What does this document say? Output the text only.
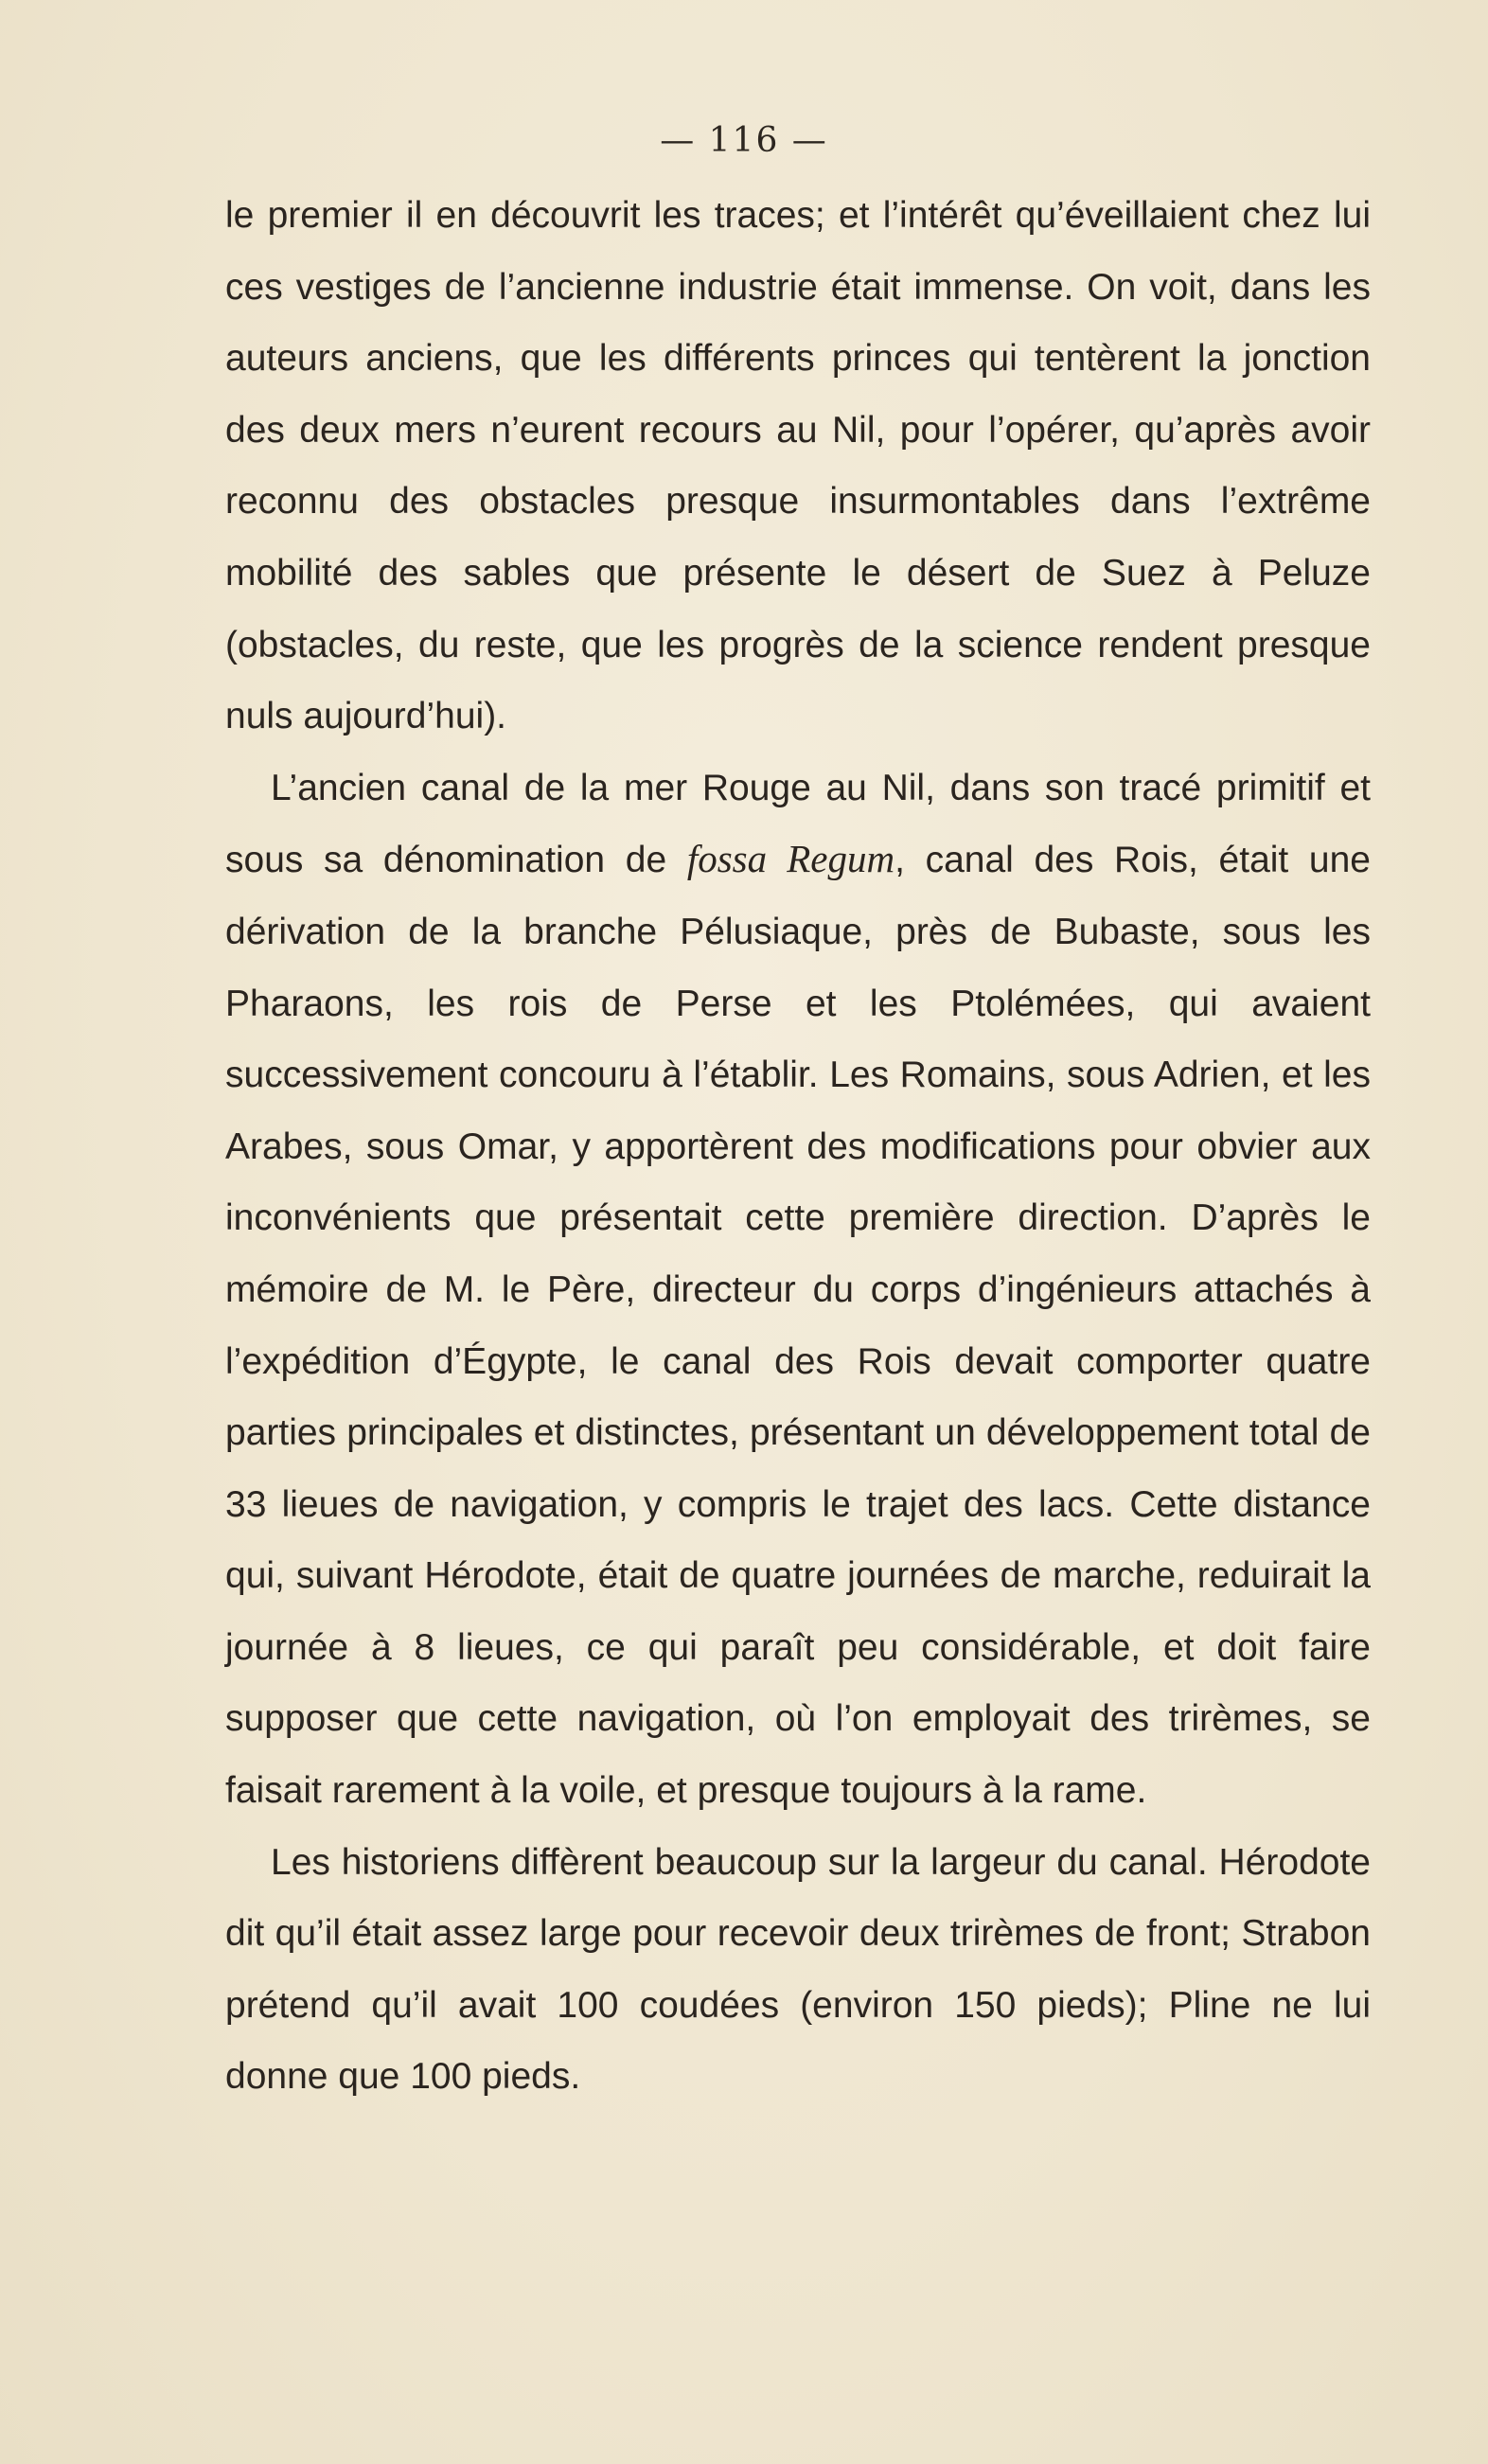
— 116 —

le premier il en découvrit les traces; et l’intérêt qu’éveillaient chez lui ces vestiges de l’ancienne industrie était immense. On voit, dans les auteurs anciens, que les différents princes qui tentèrent la jonction des deux mers n’eurent recours au Nil, pour l’opérer, qu’après avoir reconnu des obstacles presque insurmontables dans l’extrême mobilité des sables que présente le désert de Suez à Peluze (obstacles, du reste, que les progrès de la science rendent presque nuls aujourd’hui).

L’ancien canal de la mer Rouge au Nil, dans son tracé primitif et sous sa dénomination de fossa Regum, canal des Rois, était une dérivation de la branche Pélusiaque, près de Bubaste, sous les Pharaons, les rois de Perse et les Ptolémées, qui avaient successivement concouru à l’établir. Les Romains, sous Adrien, et les Arabes, sous Omar, y apportèrent des modifications pour obvier aux inconvénients que présentait cette première direction. D’après le mémoire de M. le Père, directeur du corps d’ingénieurs attachés à l’expédition d’Égypte, le canal des Rois devait comporter quatre parties principales et distinctes, présentant un développement total de 33 lieues de navigation, y compris le trajet des lacs. Cette distance qui, suivant Hérodote, était de quatre journées de marche, reduirait la journée à 8 lieues, ce qui paraît peu considérable, et doit faire supposer que cette navigation, où l’on employait des trirèmes, se faisait rarement à la voile, et presque toujours à la rame.

Les historiens diffèrent beaucoup sur la largeur du canal. Hérodote dit qu’il était assez large pour recevoir deux trirèmes de front; Strabon prétend qu’il avait 100 coudées (environ 150 pieds); Pline ne lui donne que 100 pieds.
